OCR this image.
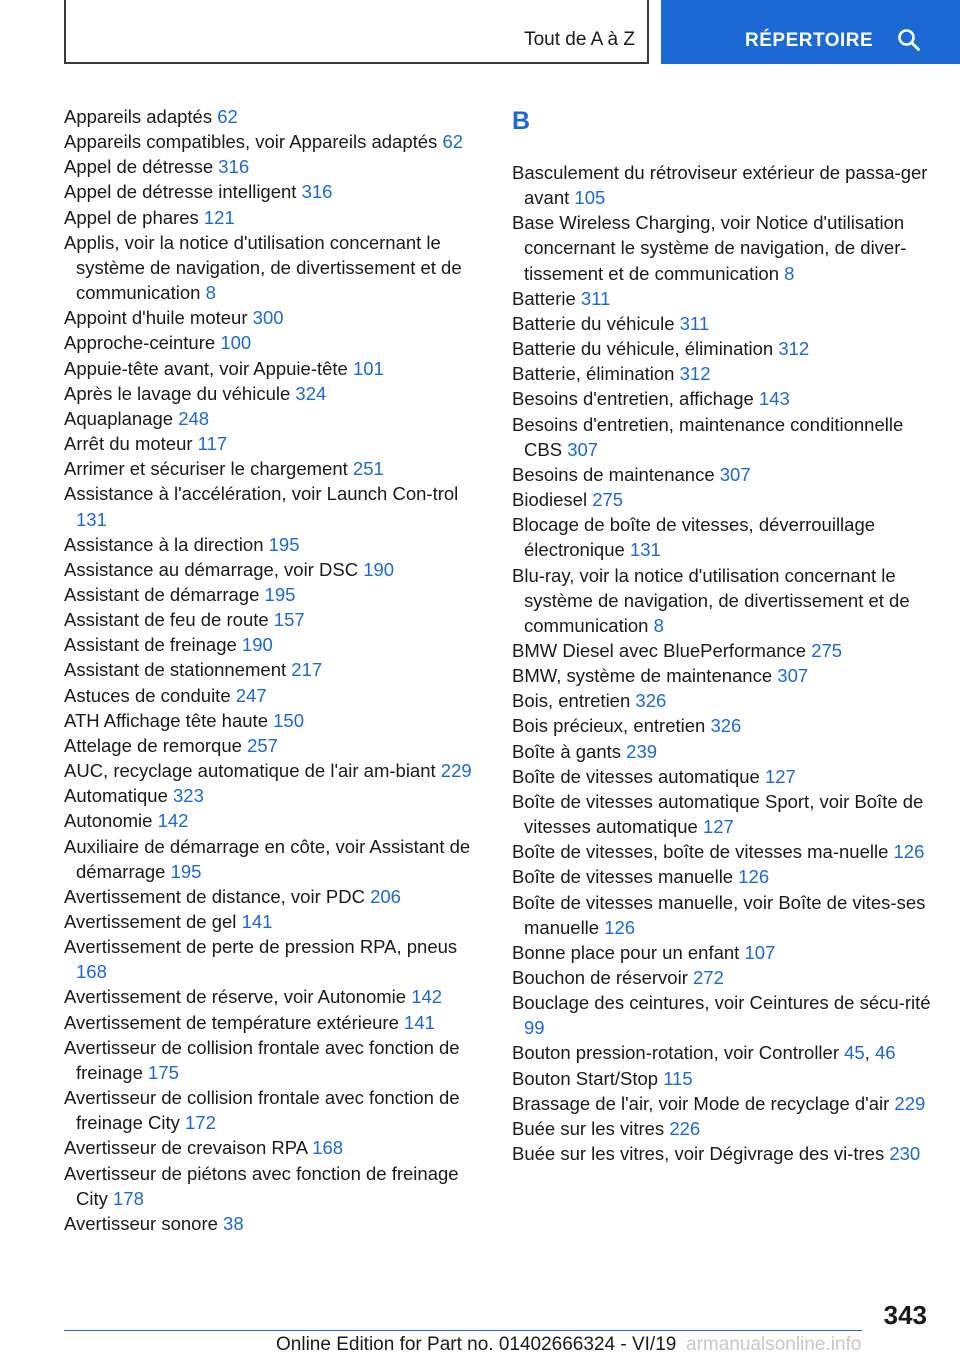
Tout de A à Z	RÉPERTOIRE
Appareils adaptés 62
Appareils compatibles, voir Appareils adaptés 62
Appel de détresse 316
Appel de détresse intelligent 316
Appel de phares 121
Applis, voir la notice d'utilisation concernant le système de navigation, de divertissement et de communication 8
Appoint d'huile moteur 300
Approche-ceinture 100
Appuie-tête avant, voir Appuie-tête 101
Après le lavage du véhicule 324
Aquaplanage 248
Arrêt du moteur 117
Arrimer et sécuriser le chargement 251
Assistance à l'accélération, voir Launch Con-trol 131
Assistance à la direction 195
Assistance au démarrage, voir DSC 190
Assistant de démarrage 195
Assistant de feu de route 157
Assistant de freinage 190
Assistant de stationnement 217
Astuces de conduite 247
ATH Affichage tête haute 150
Attelage de remorque 257
AUC, recyclage automatique de l'air am-biant 229
Automatique 323
Autonomie 142
Auxiliaire de démarrage en côte, voir Assistant de démarrage 195
Avertissement de distance, voir PDC 206
Avertissement de gel 141
Avertissement de perte de pression RPA, pneus 168
Avertissement de réserve, voir Autonomie 142
Avertissement de température extérieure 141
Avertisseur de collision frontale avec fonction de freinage 175
Avertisseur de collision frontale avec fonction de freinage City 172
Avertisseur de crevaison RPA 168
Avertisseur de piétons avec fonction de freinage City 178
Avertisseur sonore 38
B
Basculement du rétroviseur extérieur de passa-ger avant 105
Base Wireless Charging, voir Notice d'utilisation concernant le système de navigation, de diver-tissement et de communication 8
Batterie 311
Batterie du véhicule 311
Batterie du véhicule, élimination 312
Batterie, élimination 312
Besoins d'entretien, affichage 143
Besoins d'entretien, maintenance conditionnelle CBS 307
Besoins de maintenance 307
Biodiesel 275
Blocage de boîte de vitesses, déverrouillage électronique 131
Blu-ray, voir la notice d'utilisation concernant le système de navigation, de divertissement et de communication 8
BMW Diesel avec BluePerformance 275
BMW, système de maintenance 307
Bois, entretien 326
Bois précieux, entretien 326
Boîte à gants 239
Boîte de vitesses automatique 127
Boîte de vitesses automatique Sport, voir Boîte de vitesses automatique 127
Boîte de vitesses, boîte de vitesses ma-nuelle 126
Boîte de vitesses manuelle 126
Boîte de vitesses manuelle, voir Boîte de vites-ses manuelle 126
Bonne place pour un enfant 107
Bouchon de réservoir 272
Bouclage des ceintures, voir Ceintures de sécu-rité 99
Bouton pression-rotation, voir Controller 45, 46
Bouton Start/Stop 115
Brassage de l'air, voir Mode de recyclage d'air 229
Buée sur les vitres 226
Buée sur les vitres, voir Dégivrage des vi-tres 230
343
Online Edition for Part no. 01402666324 - VI/19 armanualsonline.info
